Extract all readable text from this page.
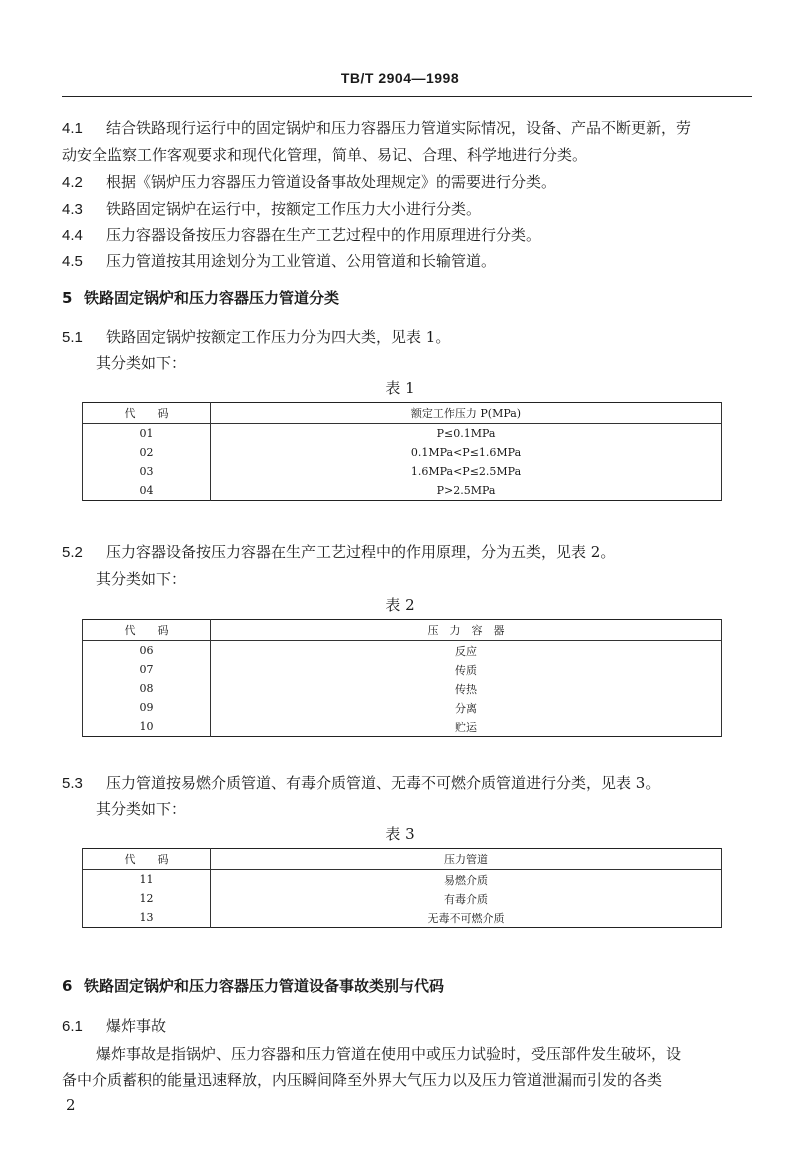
TB/T 2904—1998
4.1 结合铁路现行运行中的固定锅炉和压力容器压力管道实际情况，设备、产品不断更新，劳
动安全监察工作客观要求和现代化管理，简单、易记、合理、科学地进行分类。
4.2 根据《锅炉压力容器压力管道设备事故处理规定》的需要进行分类。
4.3 铁路固定锅炉在运行中，按额定工作压力大小进行分类。
4.4 压力容器设备按压力容器在生产工艺过程中的作用原理进行分类。
4.5 压力管道按其用途划分为工业管道、公用管道和长输管道。
5 铁路固定锅炉和压力容器压力管道分类
5.1 铁路固定锅炉按额定工作压力分为四大类，见表 1。
其分类如下：
表 1
代　　码	额定工作压力 P(MPa)
01	P≤0.1MPa
02	0.1MPa<P≤1.6MPa
03	1.6MPa<P≤2.5MPa
04	P>2.5MPa
5.2 压力容器设备按压力容器在生产工艺过程中的作用原理，分为五类，见表 2。
其分类如下：
表 2
代　　码	压　力　容　器
06	反应
07	传质
08	传热
09	分离
10	贮运
5.3 压力管道按易燃介质管道、有毒介质管道、无毒不可燃介质管道进行分类，见表 3。
其分类如下：
表 3
代　　码	压力管道
11	易燃介质
12	有毒介质
13	无毒不可燃介质
6 铁路固定锅炉和压力容器压力管道设备事故类别与代码
6.1 爆炸事故
爆炸事故是指锅炉、压力容器和压力管道在使用中或压力试验时，受压部件发生破坏，设
备中介质蓄积的能量迅速释放，内压瞬间降至外界大气压力以及压力管道泄漏而引发的各类
2
